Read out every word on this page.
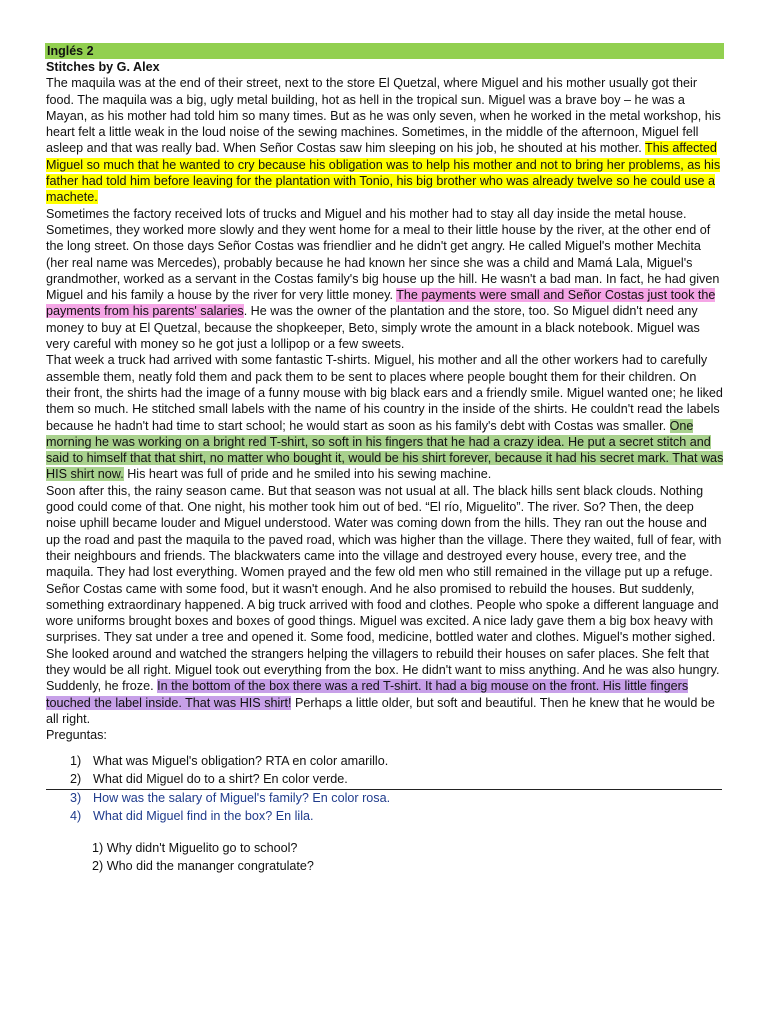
Inglés 2

Stitches by G. Alex

The maquila was at the end of their street, next to the store El Quetzal, where Miguel and his mother usually got their food. The maquila was a big, ugly metal building, hot as hell in the tropical sun. Miguel was a brave boy – he was a Mayan, as his mother had told him so many times. But as he was only seven, when he worked in the metal workshop, his heart felt a little weak in the loud noise of the sewing machines. Sometimes, in the middle of the afternoon, Miguel fell asleep and that was really bad. When Señor Costas saw him sleeping on his job, he shouted at his mother. This affected Miguel so much that he wanted to cry because his obligation was to help his mother and not to bring her problems, as his father had told him before leaving for the plantation with Tonio, his big brother who was already twelve so he could use a machete.

Sometimes the factory received lots of trucks and Miguel and his mother had to stay all day inside the metal house. Sometimes, they worked more slowly and they went home for a meal to their little house by the river, at the other end of the long street. On those days Señor Costas was friendlier and he didn't get angry. He called Miguel's mother Mechita (her real name was Mercedes), probably because he had known her since she was a child and Mamá Lala, Miguel's grandmother, worked as a servant in the Costas family's big house up the hill. He wasn't a bad man. In fact, he had given Miguel and his family a house by the river for very little money. The payments were small and Señor Costas just took the payments from his parents' salaries. He was the owner of the plantation and the store, too. So Miguel didn't need any money to buy at El Quetzal, because the shopkeeper, Beto, simply wrote the amount in a black notebook. Miguel was very careful with money so he got just a lollipop or a few sweets.

That week a truck had arrived with some fantastic T-shirts. Miguel, his mother and all the other workers had to carefully assemble them, neatly fold them and pack them to be sent to places where people bought them for their children. On their front, the shirts had the image of a funny mouse with big black ears and a friendly smile. Miguel wanted one; he liked them so much. He stitched small labels with the name of his country in the inside of the shirts. He couldn't read the labels because he hadn't had time to start school; he would start as soon as his family's debt with Costas was smaller. One morning he was working on a bright red T-shirt, so soft in his fingers that he had a crazy idea. He put a secret stitch and said to himself that that shirt, no matter who bought it, would be his shirt forever, because it had his secret mark. That was HIS shirt now. His heart was full of pride and he smiled into his sewing machine.

Soon after this, the rainy season came. But that season was not usual at all. The black hills sent black clouds. Nothing good could come of that. One night, his mother took him out of bed. “El río, Miguelito”. The river. So? Then, the deep noise uphill became louder and Miguel understood. Water was coming down from the hills. They ran out the house and up the road and past the maquila to the paved road, which was higher than the village. There they waited, full of fear, with their neighbours and friends. The blackwaters came into the village and destroyed every house, every tree, and the maquila. They had lost everything. Women prayed and the few old men who still remained in the village put up a refuge. Señor Costas came with some food, but it wasn't enough. And he also promised to rebuild the houses. But suddenly, something extraordinary happened. A big truck arrived with food and clothes. People who spoke a different language and wore uniforms brought boxes and boxes of good things. Miguel was excited. A nice lady gave them a big box heavy with surprises. They sat under a tree and opened it. Some food, medicine, bottled water and clothes. Miguel's mother sighed. She looked around and watched the strangers helping the villagers to rebuild their houses on safer places. She felt that they would be all right. Miguel took out everything from the box. He didn't want to miss anything. And he was also hungry. Suddenly, he froze. In the bottom of the box there was a red T-shirt. It had a big mouse on the front. His little fingers touched the label inside. That was HIS shirt! Perhaps a little older, but soft and beautiful. Then he knew that he would be all right.

Preguntas:

1) What was Miguel's obligation? RTA en color amarillo.
2) What did Miguel do to a shirt? En color verde.
3) How was the salary of Miguel's family? En color rosa.
4) What did Miguel find in the box? En lila.
1) Why didn't Miguelito go to school?
2) Who did the mananger congratulate?
